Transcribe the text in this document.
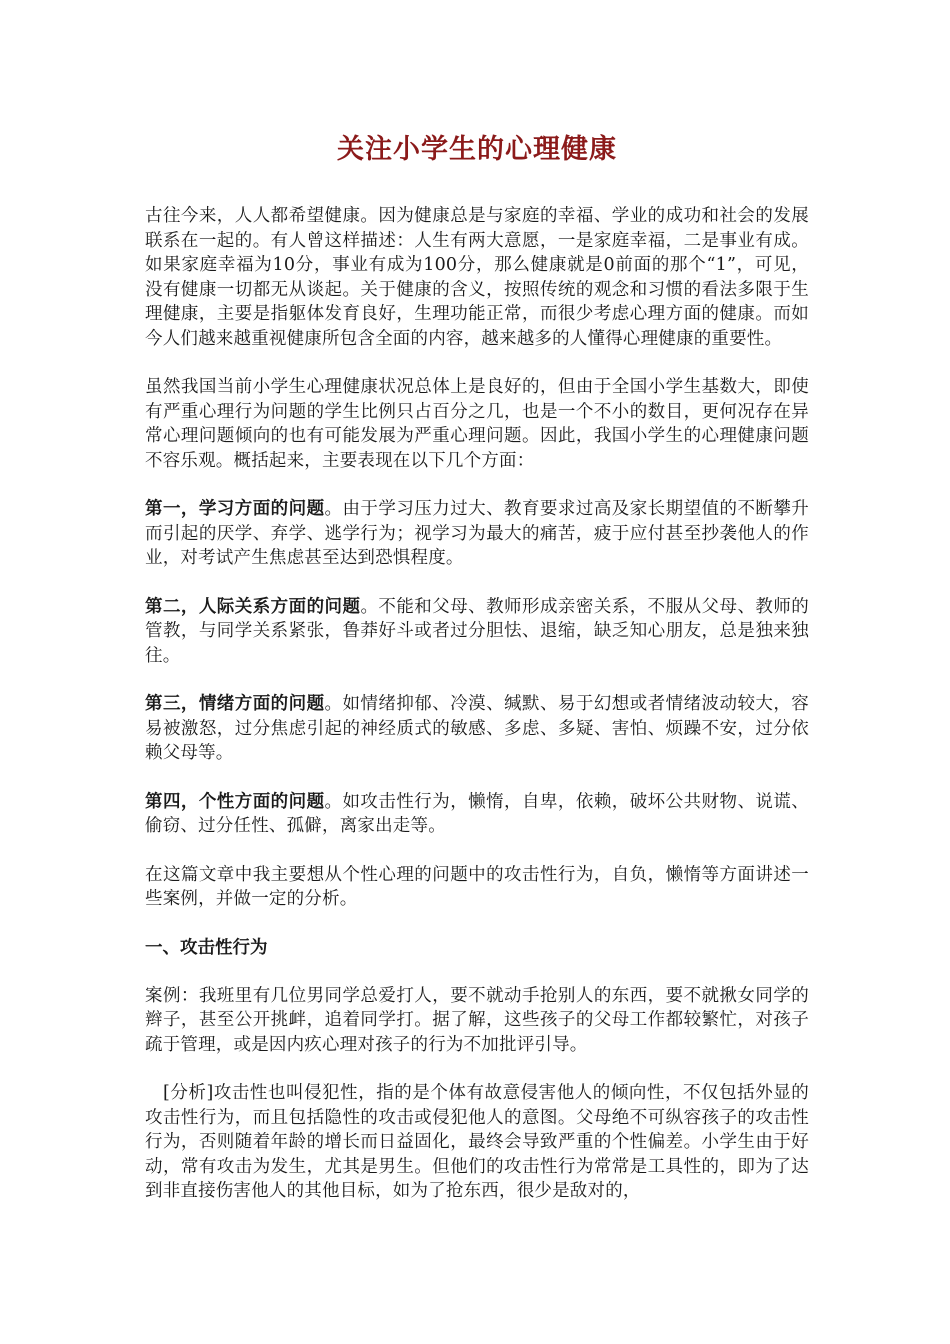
关注小学生的心理健康

古往今来，人人都希望健康。因为健康总是与家庭的幸福、学业的成功和社会的发展联系在一起的。有人曾这样描述：人生有两大意愿，一是家庭幸福，二是事业有成。如果家庭幸福为10分，事业有成为100分，那么健康就是0前面的那个“1”，可见， 没有健康一切都无从谈起。关于健康的含义，按照传统的观念和习惯的看法多限于生理健康，主要是指躯体发育良好，生理功能正常，而很少考虑心理方面的健康。而如今人们越来越重视健康所包含全面的内容，越来越多的人懂得心理健康的重要性。

虽然我国当前小学生心理健康状况总体上是良好的，但由于全国小学生基数大，即使有严重心理行为问题的学生比例只占百分之几，也是一个不小的数目，更何况存在异常心理问题倾向的也有可能发展为严重心理问题。因此，我国小学生的心理健康问题不容乐观。概括起来，主要表现在以下几个方面：

第一，学习方面的问题。由于学习压力过大、教育要求过高及家长期望值的不断攀升而引起的厌学、弃学、逃学行为；视学习为最大的痛苦，疲于应付甚至抄袭他人的作业，对考试产生焦虑甚至达到恐惧程度。

第二，人际关系方面的问题。不能和父母、教师形成亲密关系，不服从父母、教师的管教，与同学关系紧张，鲁莽好斗或者过分胆怯、退缩，缺乏知心朋友，总是独来独往。

第三，情绪方面的问题。如情绪抑郁、冷漠、缄默、易于幻想或者情绪波动较大，容易被激怒，过分焦虑引起的神经质式的敏感、多虑、多疑、害怕、烦躁不安，过分依赖父母等。

第四，个性方面的问题。如攻击性行为，懒惰，自卑，依赖，破坏公共财物、说谎、偷窃、过分任性、孤僻，离家出走等。

在这篇文章中我主要想从个性心理的问题中的攻击性行为，自负，懒惰等方面讲述一些案例，并做一定的分析。

一、攻击性行为

案例：我班里有几位男同学总爱打人，要不就动手抢别人的东西，要不就揪女同学的辫子，甚至公开挑衅，追着同学打。据了解，这些孩子的父母工作都较繁忙，对孩子疏于管理，或是因内疚心理对孩子的行为不加批评引导。

[分析]攻击性也叫侵犯性，指的是个体有故意侵害他人的倾向性，不仅包括外显的攻击性行为，而且包括隐性的攻击或侵犯他人的意图。父母绝不可纵容孩子的攻击性行为，否则随着年龄的增长而日益固化，最终会导致严重的个性偏差。小学生由于好动，常有攻击为发生，尤其是男生。但他们的攻击性行为常常是工具性的，即为了达到非直接伤害他人的其他目标，如为了抢东西，很少是敌对的，
